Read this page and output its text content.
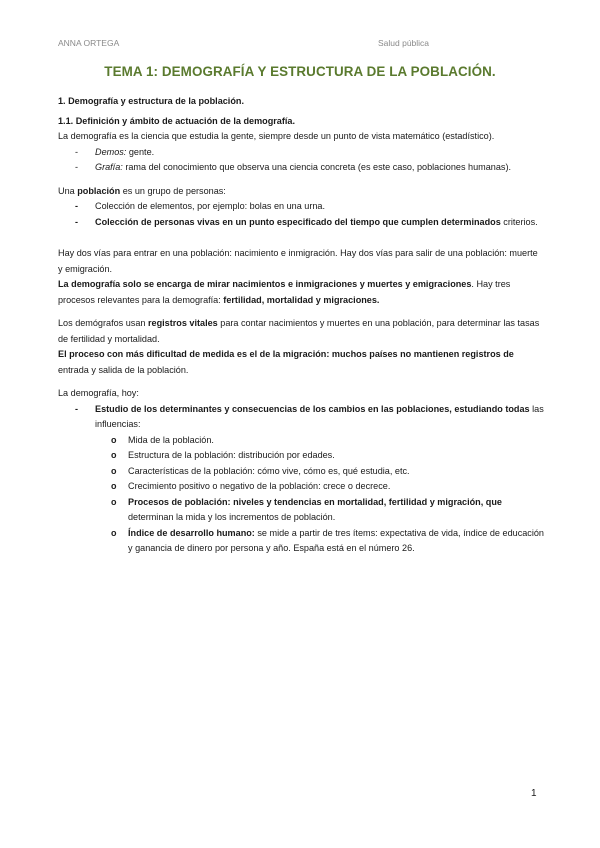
ANNA ORTEGA	Salud pública
TEMA 1: DEMOGRAFÍA Y ESTRUCTURA DE LA POBLACIÓN.

1. Demografía y estructura de la población.

1.1. Definición y ámbito de actuación de la demografía.

La demografía es la ciencia que estudia la gente, siempre desde un punto de vista matemático (estadístico).

- Demos: gente.
- Grafía: rama del conocimiento que observa una ciencia concreta (es este caso, poblaciones humanas).

Una población es un grupo de personas:

- Colección de elementos, por ejemplo: bolas en una urna.
- Colección de personas vivas en un punto especificado del tiempo que cumplen determinados criterios.

Hay dos vías para entrar en una población: nacimiento e inmigración. Hay dos vías para salir de una población: muerte y emigración.

La demografía solo se encarga de mirar nacimientos e inmigraciones y muertes y emigraciones. Hay tres procesos relevantes para la demografía: fertilidad, mortalidad y migraciones.

Los demógrafos usan registros vitales para contar nacimientos y muertes en una población, para determinar las tasas de fertilidad y mortalidad.

El proceso con más dificultad de medida es el de la migración: muchos países no mantienen registros de entrada y salida de la población.

La demografía, hoy:

- Estudio de los determinantes y consecuencias de los cambios en las poblaciones, estudiando todas las influencias:
o Mida de la población.
o Estructura de la población: distribución por edades.
o Características de la población: cómo vive, cómo es, qué estudia, etc.
o Crecimiento positivo o negativo de la población: crece o decrece.
o Procesos de población: niveles y tendencias en mortalidad, fertilidad y migración, que determinan la mida y los incrementos de población.
o Índice de desarrollo humano: se mide a partir de tres ítems: expectativa de vida, índice de educación y ganancia de dinero por persona y año. España está en el número 26.
1
